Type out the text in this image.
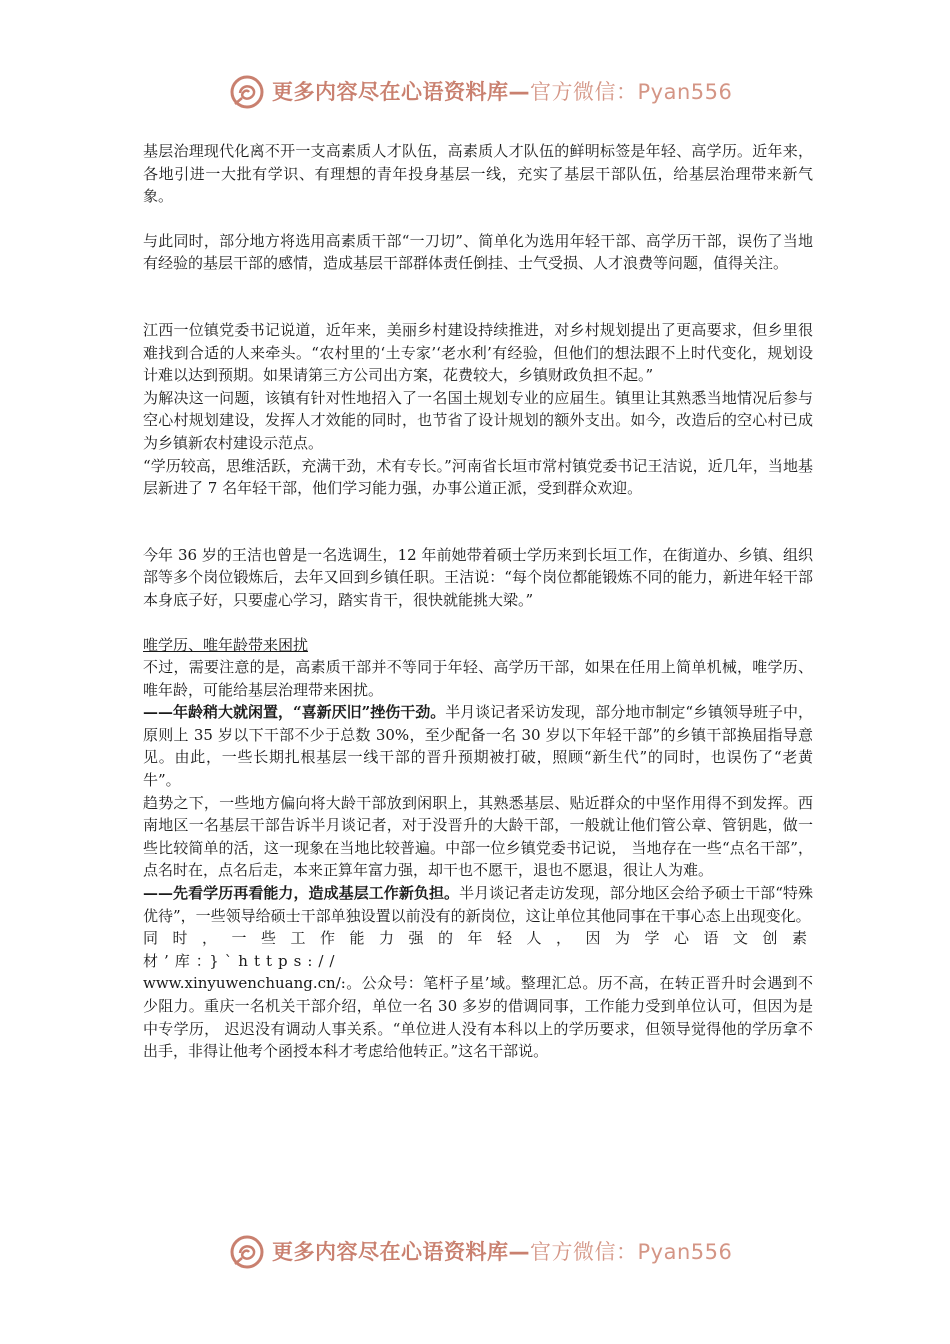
更多内容尽在心语资料库—官方微信：Pyan556

基层治理现代化离不开一支高素质人才队伍，高素质人才队伍的鲜明标签是年轻、高学历。近年来，各地引进一大批有学识、有理想的青年投身基层一线，充实了基层干部队伍，给基层治理带来新气象。

与此同时，部分地方将选用高素质干部“一刀切”、简单化为选用年轻干部、高学历干部，误伤了当地有经验的基层干部的感情，造成基层干部群体责任倒挂、士气受损、人才浪费等问题，值得关注。

江西一位镇党委书记说道，近年来，美丽乡村建设持续推进，对乡村规划提出了更高要求，但乡里很难找到合适的人来牵头。“农村里的‘土专家’‘老水利’有经验，但他们的想法跟不上时代变化，规划设计难以达到预期。如果请第三方公司出方案，花费较大，乡镇财政负担不起。”

为解决这一问题，该镇有针对性地招入了一名国土规划专业的应届生。镇里让其熟悉当地情况后参与空心村规划建设，发挥人才效能的同时，也节省了设计规划的额外支出。如今，改造后的空心村已成为乡镇新农村建设示范点。

“学历较高，思维活跃，充满干劲，术有专长。”河南省长垣市常村镇党委书记王洁说，近几年，当地基层新进了 7 名年轻干部，他们学习能力强，办事公道正派，受到群众欢迎。

今年 36 岁的王洁也曾是一名选调生，12 年前她带着硕士学历来到长垣工作，在街道办、乡镇、组织部等多个岗位锻炼后，去年又回到乡镇任职。王洁说：“每个岗位都能锻炼不同的能力，新进年轻干部本身底子好，只要虚心学习，踏实肯干，很快就能挑大梁。”

唯学历、唯年龄带来困扰

不过，需要注意的是，高素质干部并不等同于年轻、高学历干部，如果在任用上简单机械，唯学历、唯年龄，可能给基层治理带来困扰。

——年龄稍大就闲置，“喜新厌旧”挫伤干劲。半月谈记者采访发现，部分地市制定“乡镇领导班子中，原则上 35 岁以下干部不少于总数 30%，至少配备一名 30 岁以下年轻干部”的乡镇干部换届指导意见。由此，一些长期扎根基层一线干部的晋升预期被打破，照顾“新生代”的同时，也误伤了“老黄牛”。

趋势之下，一些地方偏向将大龄干部放到闲职上，其熟悉基层、贴近群众的中坚作用得不到发挥。西南地区一名基层干部告诉半月谈记者，对于没晋升的大龄干部，一般就让他们管公章、管钥匙，做一些比较简单的活，这一现象在当地比较普遍。中部一位乡镇党委书记说， 当地存在一些“点名干部”，点名时在，点名后走，本来正算年富力强，却干也不愿干，退也不愿退，很让人为难。

——先看学历再看能力，造成基层工作新负担。半月谈记者走访发现，部分地区会给予硕士干部“特殊优待”，一些领导给硕士干部单独设置以前没有的新岗位，这让单位其他同事在干事心态上出现变化。

同时，一些工作能力强的年轻人，因为学心语文创素材’库：}`https://
www.xinyuwenchuang.cn/:。公众号：笔杆子星’域。整理汇总。历不高，在转正晋升时会遇到不少阻力。重庆一名机关干部介绍，单位一名 30 多岁的借调同事，工作能力受到单位认可，但因为是中专学历， 迟迟没有调动人事关系。“单位进人没有本科以上的学历要求，但领导觉得他的学历拿不出手，非得让他考个函授本科才考虑给他转正。”这名干部说。

更多内容尽在心语资料库—官方微信：Pyan556
